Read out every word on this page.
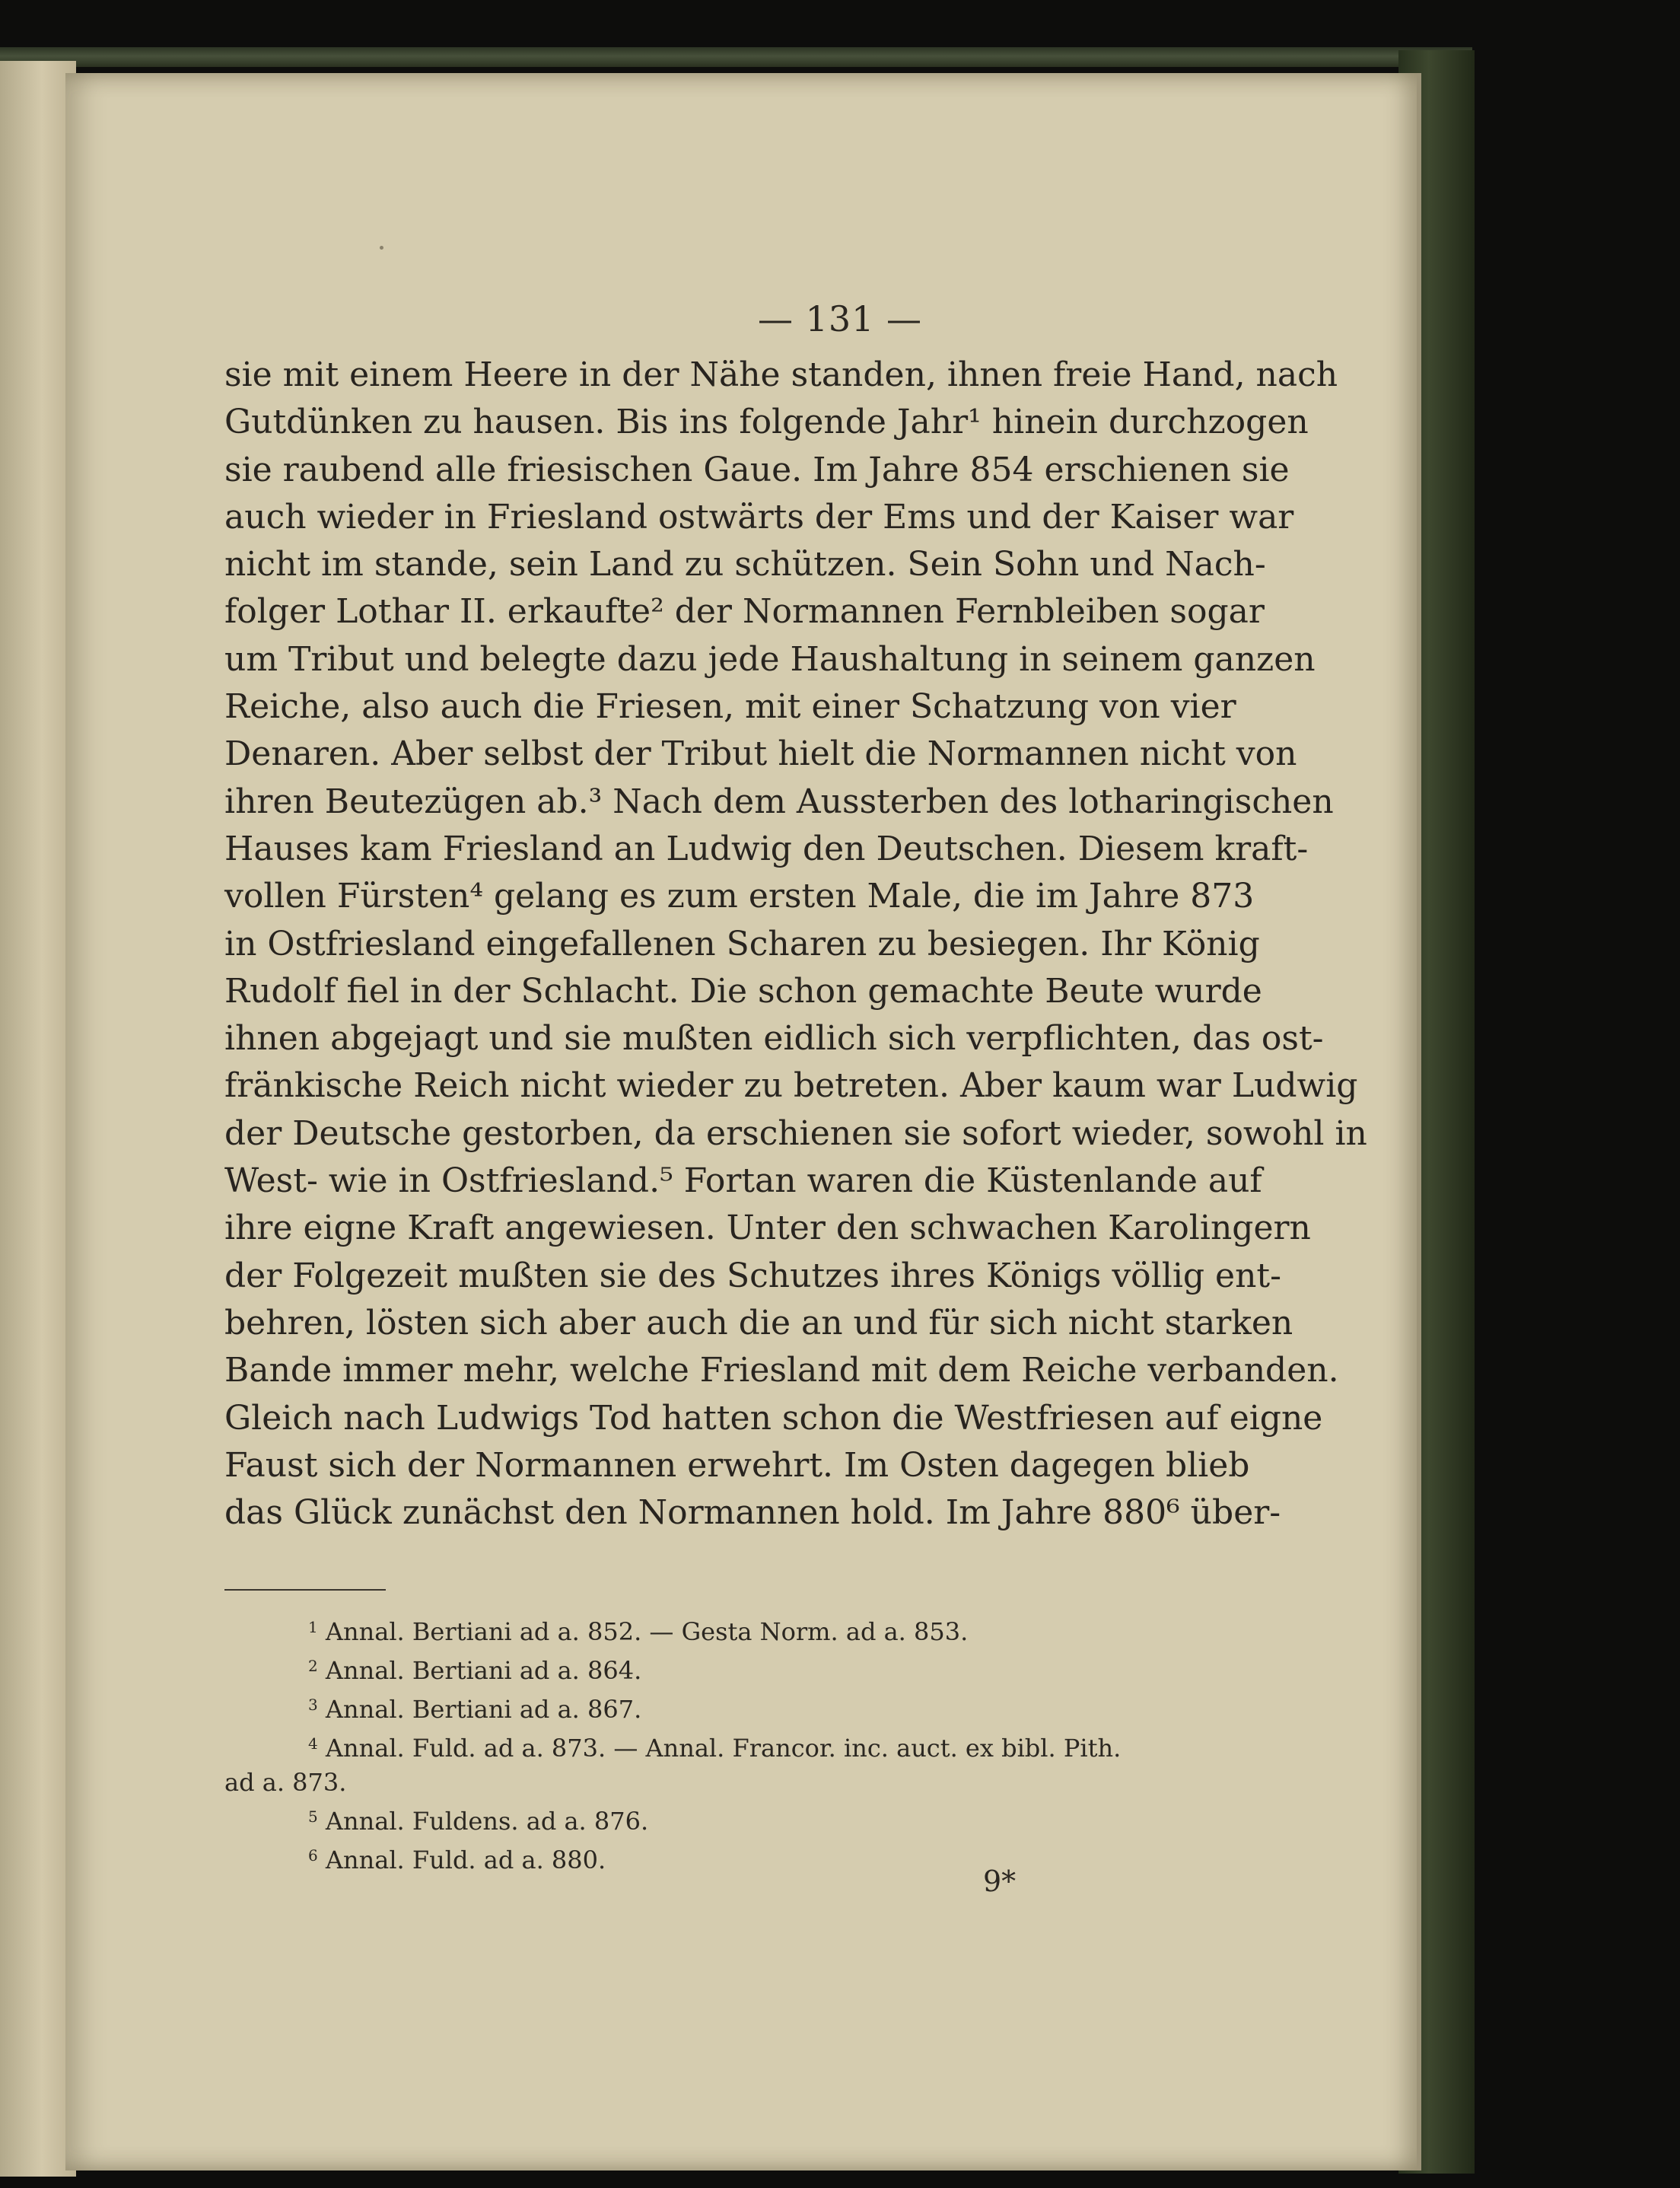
— 131 —
sie mit einem Heere in der Nähe standen, ihnen freie Hand, nach
Gutdünken zu hausen. Bis ins folgende Jahr¹ hinein durchzogen
sie raubend alle friesischen Gaue. Im Jahre 854 erschienen sie
auch wieder in Friesland ostwärts der Ems und der Kaiser war
nicht im stande, sein Land zu schützen. Sein Sohn und Nach-
folger Lothar II. erkaufte² der Normannen Fernbleiben sogar
um Tribut und belegte dazu jede Haushaltung in seinem ganzen
Reiche, also auch die Friesen, mit einer Schatzung von vier
Denaren. Aber selbst der Tribut hielt die Normannen nicht von
ihren Beutezügen ab.³ Nach dem Aussterben des lotharingischen
Hauses kam Friesland an Ludwig den Deutschen. Diesem kraft-
vollen Fürsten⁴ gelang es zum ersten Male, die im Jahre 873
in Ostfriesland eingefallenen Scharen zu besiegen. Ihr König
Rudolf fiel in der Schlacht. Die schon gemachte Beute wurde
ihnen abgejagt und sie mußten eidlich sich verpflichten, das ost-
fränkische Reich nicht wieder zu betreten. Aber kaum war Ludwig
der Deutsche gestorben, da erschienen sie sofort wieder, sowohl in
West- wie in Ostfriesland.⁵ Fortan waren die Küstenlande auf
ihre eigne Kraft angewiesen. Unter den schwachen Karolingern
der Folgezeit mußten sie des Schutzes ihres Königs völlig ent-
behren, lösten sich aber auch die an und für sich nicht starken
Bande immer mehr, welche Friesland mit dem Reiche verbanden.
Gleich nach Ludwigs Tod hatten schon die Westfriesen auf eigne
Faust sich der Normannen erwehrt. Im Osten dagegen blieb
das Glück zunächst den Normannen hold. Im Jahre 880⁶ über-
$^1$ Annal. Bertiani ad a. 852. — Gesta Norm. ad a. 853.
$^2$ Annal. Bertiani ad a. 864.
$^3$ Annal. Bertiani ad a. 867.
$^4$ Annal. Fuld. ad a. 873. — Annal. Francor. inc. auct. ex bibl. Pith.
ad a. 873.
$^5$ Annal. Fuldens. ad a. 876.
$^6$ Annal. Fuld. ad a. 880.
9*
